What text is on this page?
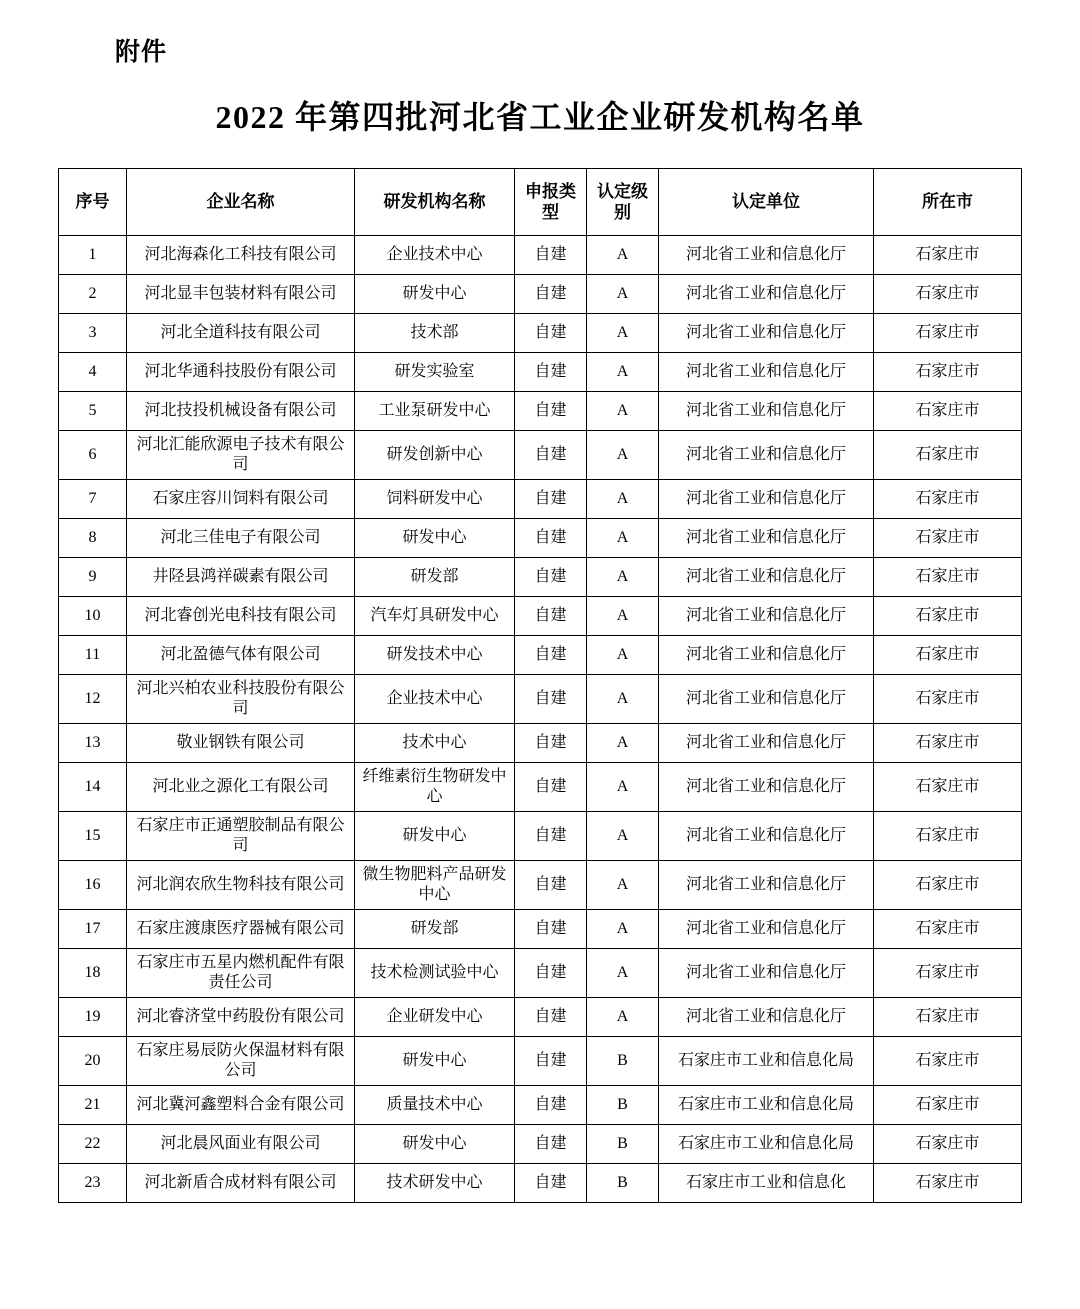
附件
2022 年第四批河北省工业企业研发机构名单
序号	企业名称	研发机构名称	申报类型	认定级别	认定单位	所在市
1	河北海森化工科技有限公司	企业技术中心	自建	A	河北省工业和信息化厅	石家庄市
2	河北显丰包装材料有限公司	研发中心	自建	A	河北省工业和信息化厅	石家庄市
3	河北全道科技有限公司	技术部	自建	A	河北省工业和信息化厅	石家庄市
4	河北华通科技股份有限公司	研发实验室	自建	A	河北省工业和信息化厅	石家庄市
5	河北技投机械设备有限公司	工业泵研发中心	自建	A	河北省工业和信息化厅	石家庄市
6	河北汇能欣源电子技术有限公司	研发创新中心	自建	A	河北省工业和信息化厅	石家庄市
7	石家庄容川饲料有限公司	饲料研发中心	自建	A	河北省工业和信息化厅	石家庄市
8	河北三佳电子有限公司	研发中心	自建	A	河北省工业和信息化厅	石家庄市
9	井陉县鸿祥碳素有限公司	研发部	自建	A	河北省工业和信息化厅	石家庄市
10	河北睿创光电科技有限公司	汽车灯具研发中心	自建	A	河北省工业和信息化厅	石家庄市
11	河北盈德气体有限公司	研发技术中心	自建	A	河北省工业和信息化厅	石家庄市
12	河北兴柏农业科技股份有限公司	企业技术中心	自建	A	河北省工业和信息化厅	石家庄市
13	敬业钢铁有限公司	技术中心	自建	A	河北省工业和信息化厅	石家庄市
14	河北业之源化工有限公司	纤维素衍生物研发中心	自建	A	河北省工业和信息化厅	石家庄市
15	石家庄市正通塑胶制品有限公司	研发中心	自建	A	河北省工业和信息化厅	石家庄市
16	河北润农欣生物科技有限公司	微生物肥料产品研发中心	自建	A	河北省工业和信息化厅	石家庄市
17	石家庄渡康医疗器械有限公司	研发部	自建	A	河北省工业和信息化厅	石家庄市
18	石家庄市五星内燃机配件有限责任公司	技术检测试验中心	自建	A	河北省工业和信息化厅	石家庄市
19	河北睿济堂中药股份有限公司	企业研发中心	自建	A	河北省工业和信息化厅	石家庄市
20	石家庄易辰防火保温材料有限公司	研发中心	自建	B	石家庄市工业和信息化局	石家庄市
21	河北冀河鑫塑料合金有限公司	质量技术中心	自建	B	石家庄市工业和信息化局	石家庄市
22	河北晨风面业有限公司	研发中心	自建	B	石家庄市工业和信息化局	石家庄市
23	河北新盾合成材料有限公司	技术研发中心	自建	B	石家庄市工业和信息化	石家庄市
